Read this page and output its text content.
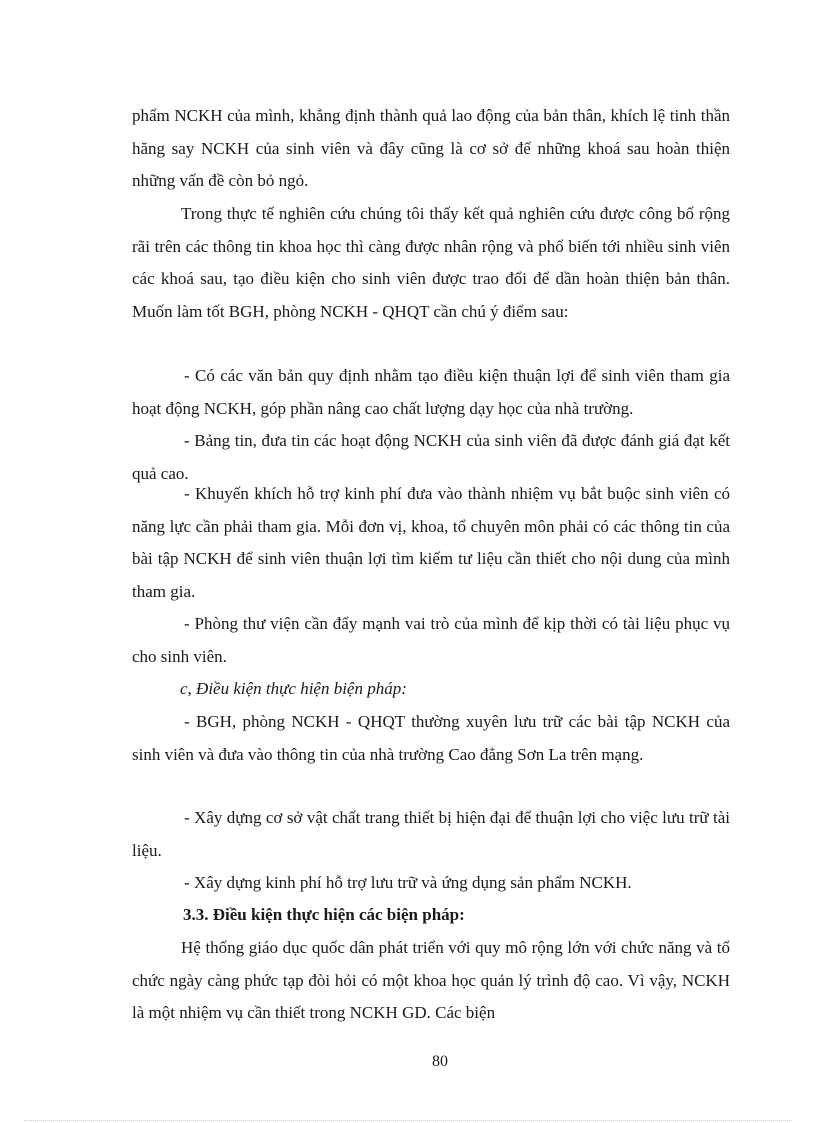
phẩm NCKH của mình, khẳng định thành quả lao động của bản thân, khích lệ tinh thần hăng say NCKH của sinh viên và đây cũng là cơ sở để những khoá sau hoàn thiện những vấn đề còn bỏ ngỏ.

Trong thực tế nghiên cứu chúng tôi thấy kết quả nghiên cứu được công bố rộng rãi trên các thông tin khoa học thì càng được nhân rộng và phổ biến tới nhiều sinh viên các khoá sau, tạo điều kiện cho sinh viên được trao đổi để dần hoàn thiện bản thân. Muốn làm tốt BGH, phòng NCKH - QHQT cần chú ý điểm sau:

- Có các văn bản quy định nhằm tạo điều kiện thuận lợi để sinh viên tham gia hoạt động NCKH, góp phần nâng cao chất lượng dạy học của nhà trường.

- Bảng tin, đưa tin các hoạt động NCKH của sinh viên đã được đánh giá đạt kết quả cao.

- Khuyến khích hỗ trợ kinh phí đưa vào thành nhiệm vụ bắt buộc sinh viên có năng lực cần phải tham gia. Mỗi đơn vị, khoa, tổ chuyên môn phải có các thông tin của bài tập NCKH để sinh viên thuận lợi tìm kiếm tư liệu cần thiết cho nội dung của mình tham gia.

- Phòng thư viện cần đẩy mạnh vai trò của mình để kịp thời có tài liệu phục vụ cho sinh viên.

c, Điều kiện thực hiện biện pháp:

- BGH, phòng NCKH - QHQT thường xuyên lưu trữ các bài tập NCKH của sinh viên và đưa vào thông tin của nhà trường Cao đẳng Sơn La trên mạng.

- Xây dựng cơ sở vật chất trang thiết bị hiện đại để thuận lợi cho việc lưu trữ tài liệu.

- Xây dựng kinh phí hỗ trợ lưu trữ và ứng dụng sản phẩm NCKH.

3.3. Điều kiện thực hiện các biện pháp:

Hệ thống giáo dục quốc dân phát triển với quy mô rộng lớn với chức năng và tổ chức ngày càng phức tạp đòi hỏi có một khoa học quản lý trình độ cao. Vì vậy, NCKH là một nhiệm vụ cần thiết trong NCKH GD. Các biện

80
